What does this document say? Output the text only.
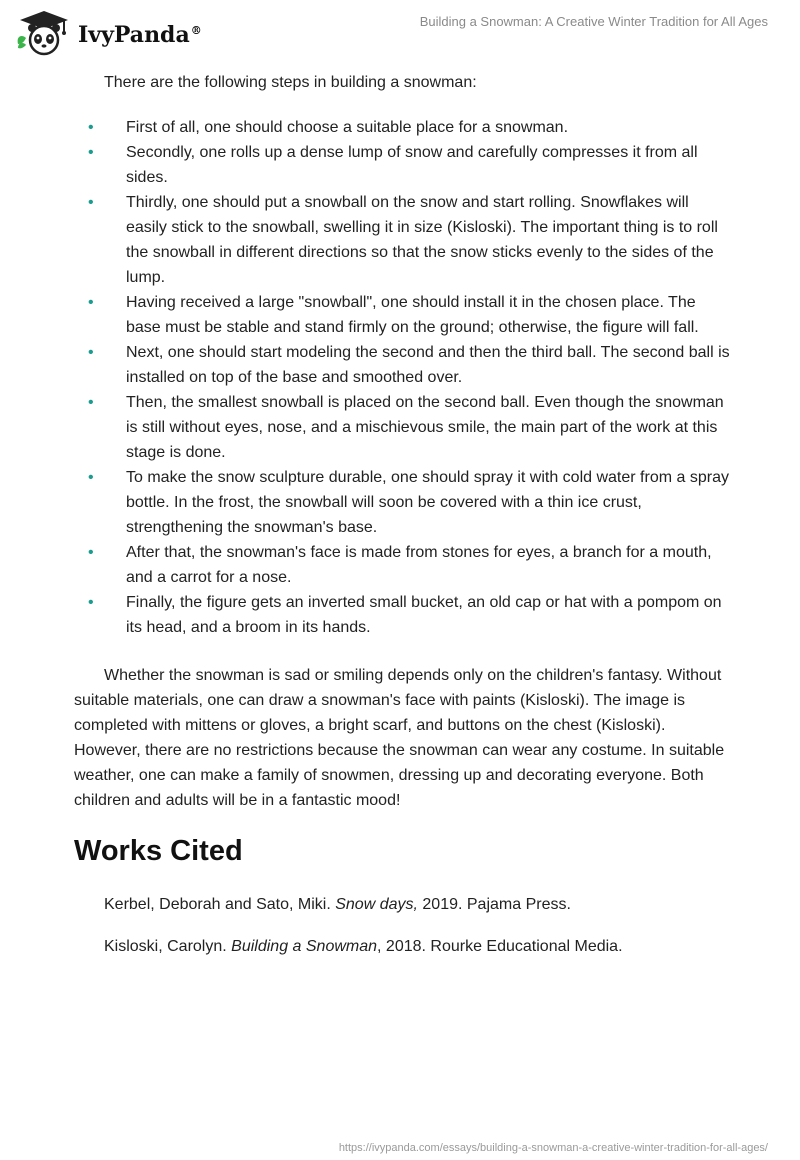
IvyPanda®
Building a Snowman: A Creative Winter Tradition for All Ages

There are the following steps in building a snowman:

• First of all, one should choose a suitable place for a snowman.
• Secondly, one rolls up a dense lump of snow and carefully compresses it from all sides.
• Thirdly, one should put a snowball on the snow and start rolling. Snowflakes will easily stick to the snowball, swelling it in size (Kisloski). The important thing is to roll the snowball in different directions so that the snow sticks evenly to the sides of the lump.
• Having received a large "snowball", one should install it in the chosen place. The base must be stable and stand firmly on the ground; otherwise, the figure will fall.
• Next, one should start modeling the second and then the third ball. The second ball is installed on top of the base and smoothed over.
• Then, the smallest snowball is placed on the second ball. Even though the snowman is still without eyes, nose, and a mischievous smile, the main part of the work at this stage is done.
• To make the snow sculpture durable, one should spray it with cold water from a spray bottle. In the frost, the snowball will soon be covered with a thin ice crust, strengthening the snowman's base.
• After that, the snowman's face is made from stones for eyes, a branch for a mouth, and a carrot for a nose.
• Finally, the figure gets an inverted small bucket, an old cap or hat with a pompom on its head, and a broom in its hands.

Whether the snowman is sad or smiling depends only on the children's fantasy. Without suitable materials, one can draw a snowman's face with paints (Kisloski). The image is completed with mittens or gloves, a bright scarf, and buttons on the chest (Kisloski). However, there are no restrictions because the snowman can wear any costume. In suitable weather, one can make a family of snowmen, dressing up and decorating everyone. Both children and adults will be in a fantastic mood!

Works Cited

Kerbel, Deborah and Sato, Miki. Snow days, 2019. Pajama Press.

Kisloski, Carolyn. Building a Snowman, 2018. Rourke Educational Media.

https://ivypanda.com/essays/building-a-snowman-a-creative-winter-tradition-for-all-ages/
